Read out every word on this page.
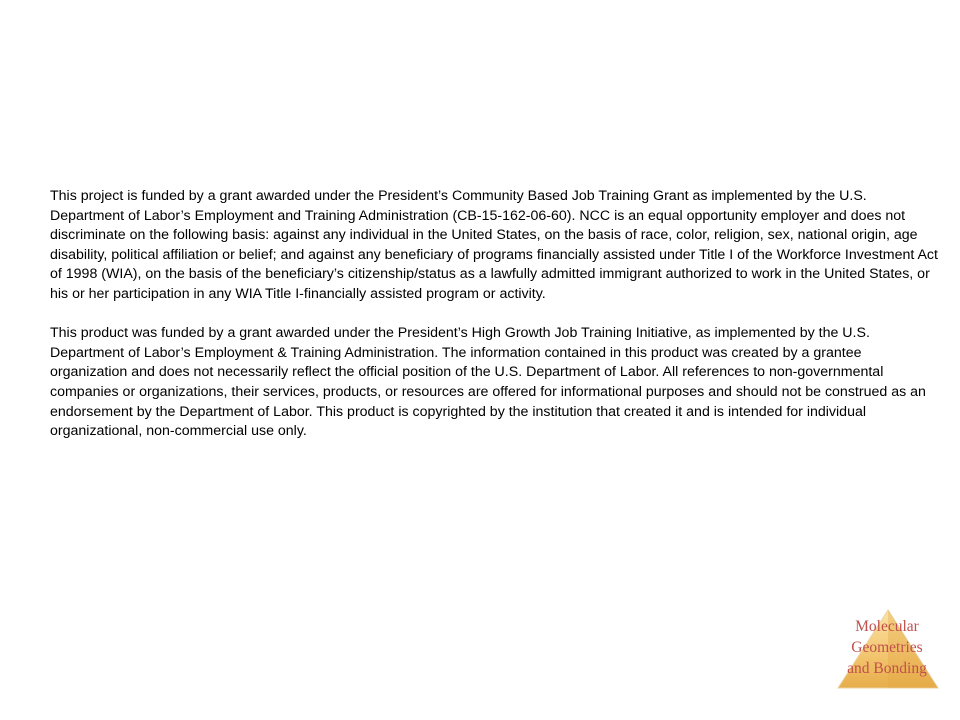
This project is funded by a grant awarded under the President’s Community Based Job Training Grant as implemented by the U.S. Department of Labor’s Employment and Training Administration (CB-15-162-06-60). NCC is an equal opportunity employer and does not discriminate on the following basis: against any individual in the United States, on the basis of race, color, religion, sex, national origin, age disability, political affiliation or belief; and against any beneficiary of programs financially assisted under Title I of the Workforce Investment Act of 1998 (WIA), on the basis of the beneficiary’s citizenship/status as a lawfully admitted immigrant authorized to work in the United States, or his or her participation in any WIA Title I-financially assisted program or activity.

This product was funded by a grant awarded under the President’s High Growth Job Training Initiative, as implemented by the U.S. Department of Labor’s Employment & Training Administration. The information contained in this product was created by a grantee organization and does not necessarily reflect the official position of the U.S. Department of Labor. All references to non-governmental companies or organizations, their services, products, or resources are offered for informational purposes and should not be construed as an endorsement by the Department of Labor. This product is copyrighted by the institution that created it and is intended for individual organizational, non-commercial use only.

Molecular
Geometries
and Bonding
